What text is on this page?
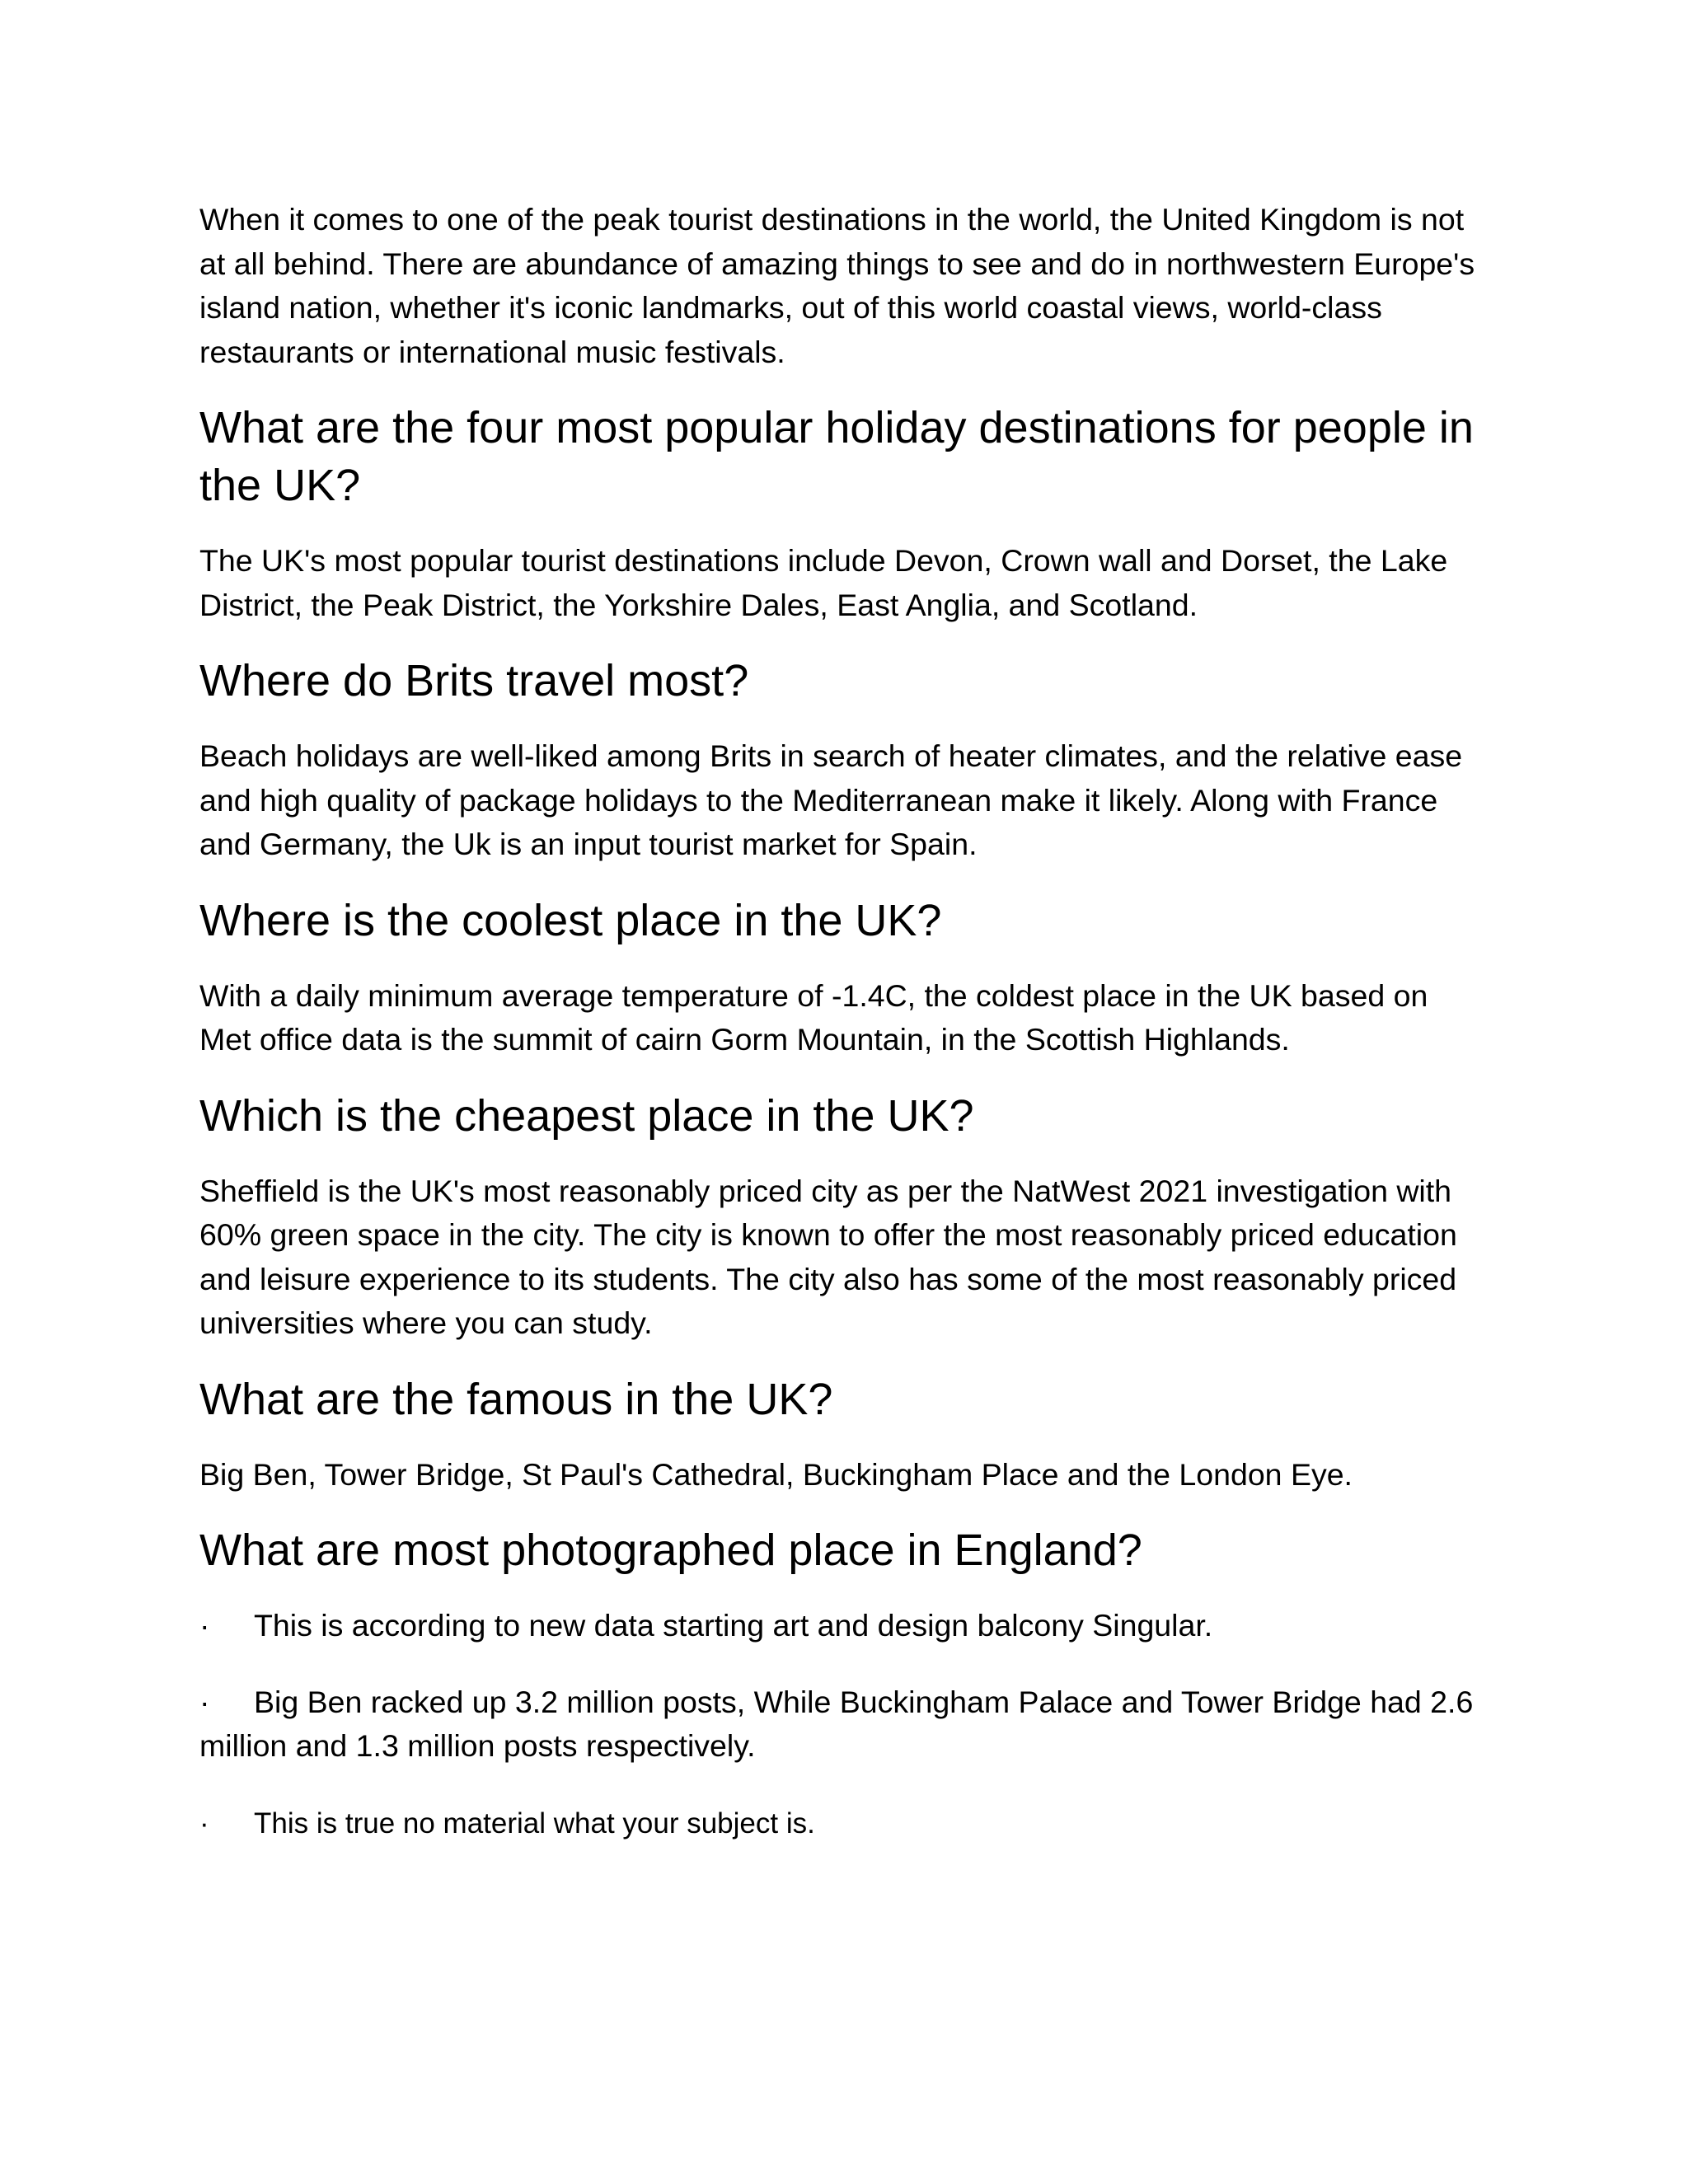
When it comes to one of the peak tourist destinations in the world, the United Kingdom is not at all behind. There are abundance of amazing things to see and do in northwestern Europe's island nation, whether it's iconic landmarks, out of this world coastal views, world-class restaurants or international music festivals.

What are the four most popular holiday destinations for people in the UK?

The UK's most popular tourist destinations include Devon, Crown wall and Dorset, the Lake District, the Peak District, the Yorkshire Dales, East Anglia, and Scotland.

Where do Brits travel most?

Beach holidays are well-liked among Brits in search of heater climates, and the relative ease and high quality of package holidays to the Mediterranean make it likely. Along with France and Germany, the Uk is an input tourist market for Spain.

Where is the coolest place in the UK?

With a daily minimum average temperature of -1.4C, the coldest place in the UK based on Met office data is the summit of cairn Gorm Mountain, in the Scottish Highlands.

Which is the cheapest place in the UK?

Sheffield is the UK's most reasonably priced city as per the NatWest 2021 investigation with 60% green space in the city. The city is known to offer the most reasonably priced education and leisure experience to its students. The city also has some of the most reasonably priced universities where you can study.

What are the famous in the UK?

Big Ben, Tower Bridge, St Paul's Cathedral, Buckingham Place and the London Eye.

What are most photographed place in England?

· This is according to new data starting art and design balcony Singular.

· Big Ben racked up 3.2 million posts, While Buckingham Palace and Tower Bridge had 2.6 million and 1.3 million posts respectively.

· This is true no material what your subject is.
